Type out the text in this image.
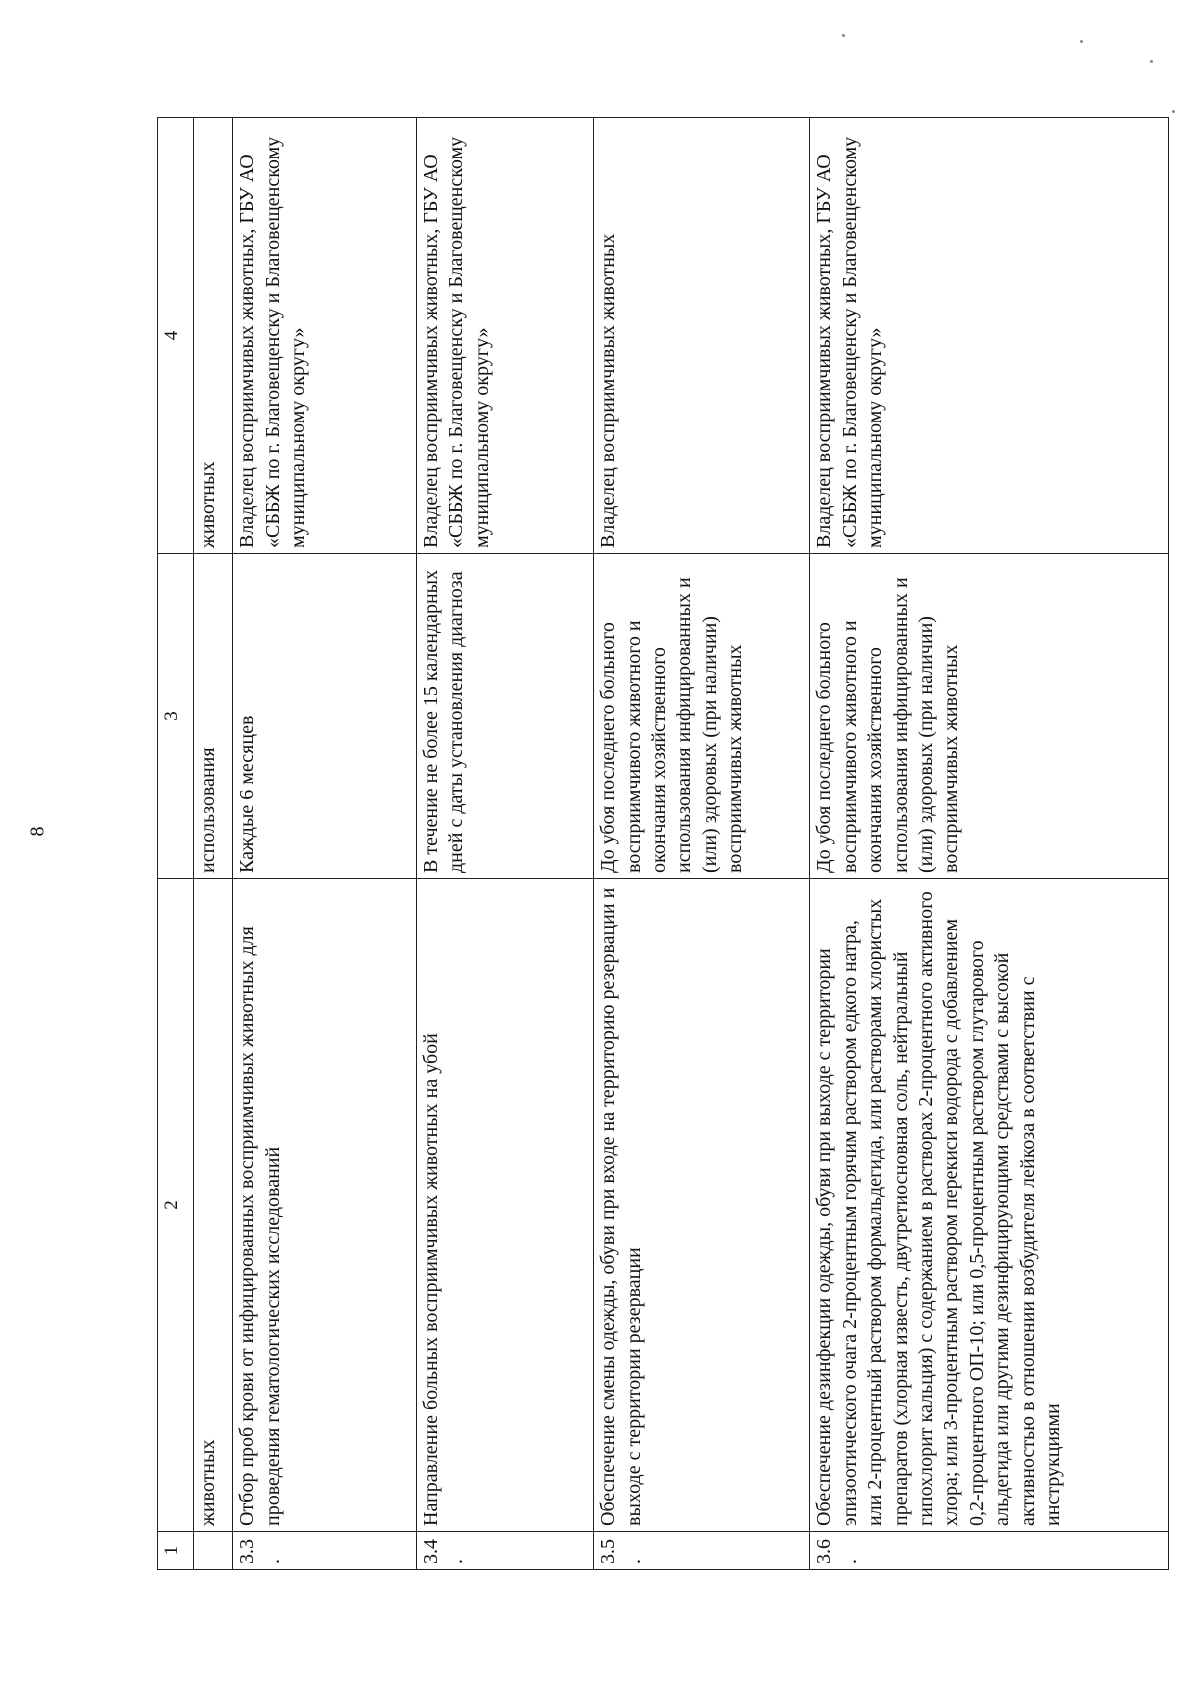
8
1	2	3	4
	животных	использования	животных
3.3.	Отбор проб крови от инфицированных восприимчивых животных для проведения гематологических исследований	Каждые 6 месяцев	Владелец восприимчивых животных, ГБУ АО «СББЖ по г. Благовещенску и Благовещенскому муниципальному округу»
3.4.	Направление больных восприимчивых животных на убой	В течение не более 15 календарных дней с даты установления диагноза	Владелец восприимчивых животных, ГБУ АО «СББЖ по г. Благовещенску и Благовещенскому муниципальному округу»
3.5.	Обеспечение смены одежды, обуви при входе на территорию резервации и выходе с территории резервации	До убоя последнего больного восприимчивого животного и окончания хозяйственного использования инфицированных и (или) здоровых (при наличии) восприимчивых животных	Владелец восприимчивых животных
3.6.	Обеспечение дезинфекции одежды, обуви при выходе с территории эпизоотического очага 2-процентным горячим раствором едкого натра, или 2-процентный раствором формальдегида, или растворами хлористых препаратов (хлорная известь, двутретиосновная соль, нейтральный гипохлорит кальция) с содержанием в растворах 2-процентного активного хлора; или 3-процентным раствором перекиси водорода с добавлением 0,2-процентного ОП-10; или 0,5-процентным раствором глутарового альдегида или другими дезинфицирующими средствами с высокой активностью в отношении возбудителя лейкоза в соответствии с инструкциями	До убоя последнего больного восприимчивого животного и окончания хозяйственного использования инфицированных и (или) здоровых (при наличии) восприимчивых животных	Владелец восприимчивых животных, ГБУ АО «СББЖ по г. Благовещенску и Благовещенскому муниципальному округу»
